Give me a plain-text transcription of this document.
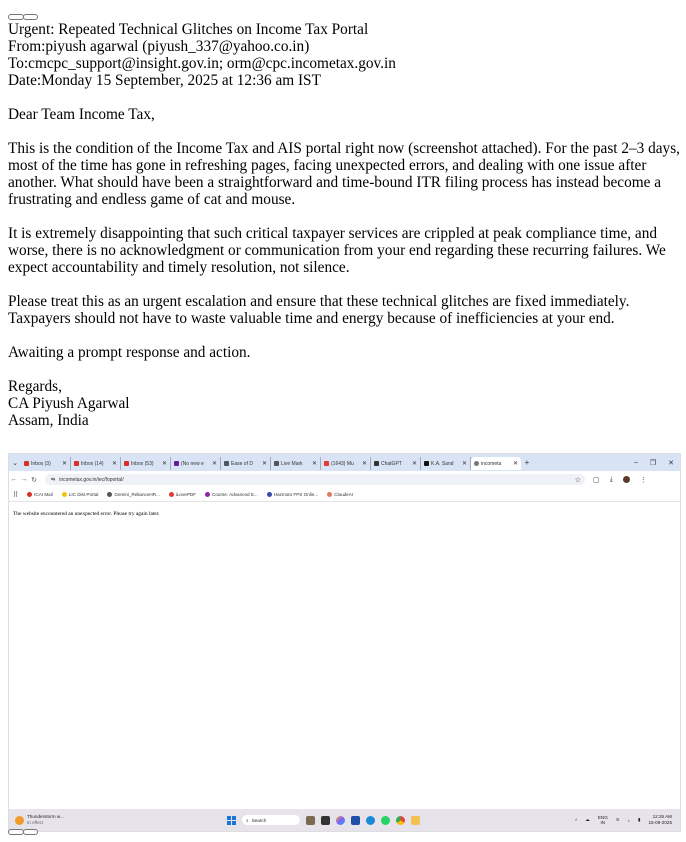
Urgent: Repeated Technical Glitches on Income Tax Portal

From:piyush agarwal (piyush_337@yahoo.co.in)

To:cmcpc_support@insight.gov.in; orm@cpc.incometax.gov.in

Date:Monday 15 September, 2025 at 12:36 am IST

Dear Team Income Tax,

This is the condition of the Income Tax and AIS portal right now (screenshot attached). For the past 2–3 days, most of the time has gone in refreshing pages, facing unexpected errors, and dealing with one issue after another. What should have been a straightforward and time-bound ITR filing process has instead become a frustrating and endless game of cat and mouse.

It is extremely disappointing that such critical taxpayer services are crippled at peak compliance time, and worse, there is no acknowledgment or communication from your end regarding these recurring failures. We expect accountability and timely resolution, not silence.

Please treat this as an urgent escalation and ensure that these technical glitches are fixed immediately. Taxpayers should not have to waste valuable time and energy because of inefficiencies at your end.

Awaiting a prompt response and action.

Regards,

CA Piyush Agarwal

Assam, India

⌄	Inbox (3) ✕	Inbox (14) ✕	Inbox (53) ✕	(No new e ✕	Ease of D ✕	Live Mark ✕	(1643) Mu ✕	ChatGPT ✕	K.A. Sand ✕	incometa ✕ +	– ❐ ✕
← → ↻	⇆ incometax.gov.in/iec/foportal/	☆ ▢ ⤓	⋮
⠿	ICAI Mail	LIC Dist Portal	Gemini_RelianceHR...	iLovePDF	Course: Advanced E...	Hazmoto FPS Onlin...	ClaudeAI
The website encountered an unexpected error. Please try again later.
Thunderstorm w...
In effect	⌕ Search	^ ☁ ENG
IN
≋ ♪ ▮
12:26 AM
15-09-2025
